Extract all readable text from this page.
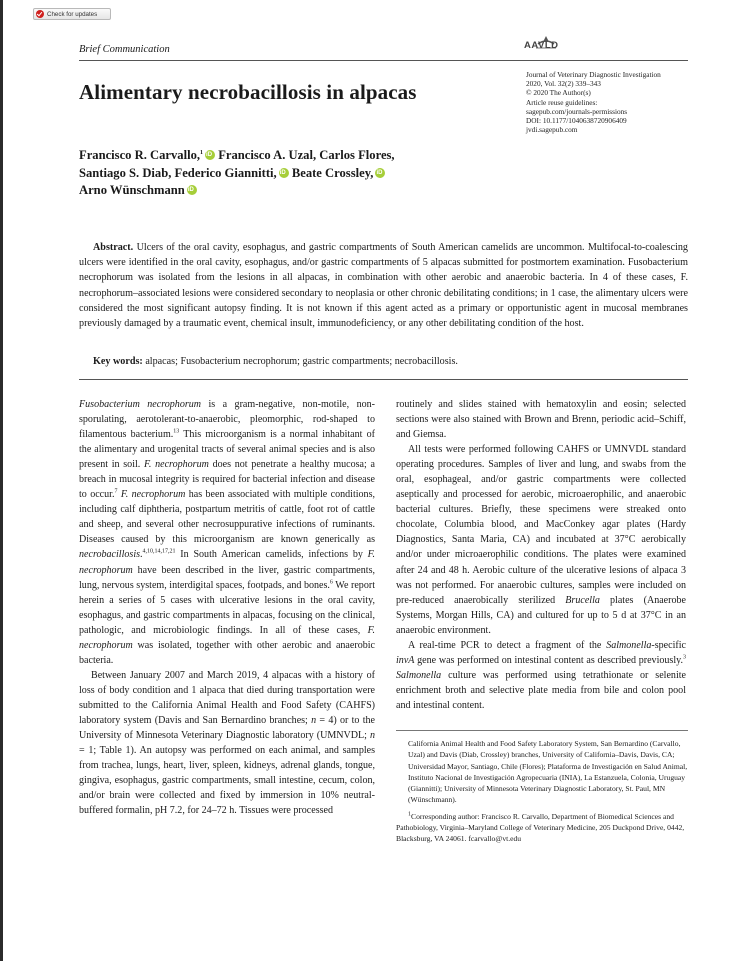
Check for updates
Brief Communication	AAVLD
Journal of Veterinary Diagnostic Investigation
2020, Vol. 32(2) 339–343
© 2020 The Author(s)
Article reuse guidelines:
sagepub.com/journals-permissions
DOI: 10.1177/1040638720906409
jvdi.sagepub.com
Alimentary necrobacillosis in alpacas
Francisco R. Carvallo,$^1$ iD Francisco A. Uzal, Carlos Flores,
Santiago S. Diab, Federico Giannitti, iD Beate Crossley,iD
Arno WünschmanniD
Abstract. Ulcers of the oral cavity, esophagus, and gastric compartments of South American camelids are uncommon. Multifocal-to-coalescing ulcers were identified in the oral cavity, esophagus, and/or gastric compartments of 5 alpacas submitted for postmortem examination. Fusobacterium necrophorum was isolated from the lesions in all alpacas, in combination with other aerobic and anaerobic bacteria. In 4 of these cases, F. necrophorum–associated lesions were considered secondary to neoplasia or other chronic debilitating conditions; in 1 case, the alimentary ulcers were considered the most significant autopsy finding. It is not known if this agent acted as a primary or opportunistic agent in mucosal membranes previously damaged by a traumatic event, chemical insult, immunodeficiency, or any other debilitating condition of the host.
Key words: alpacas; Fusobacterium necrophorum; gastric compartments; necrobacillosis.

Fusobacterium necrophorum is a gram-negative, non-motile, non-sporulating, aerotolerant-to-anaerobic, pleomorphic, rod-shaped to filamentous bacterium.$^{13}$ This microorganism is a normal inhabitant of the alimentary and urogenital tracts of several animal species and is also present in soil. F. necrophorum does not penetrate a healthy mucosa; a breach in mucosal integrity is required for bacterial infection and disease to occur.$^7$ F. necrophorum has been associated with multiple conditions, including calf diphtheria, postpartum metritis of cattle, foot rot of cattle and sheep, and several other necrosuppurative infections of ruminants. Diseases caused by this microorganism are known generically as necrobacillosis.$^{4,10,14,17,21}$ In South American camelids, infections by F. necrophorum have been described in the liver, gastric compartments, lung, nervous system, interdigital spaces, footpads, and bones.$^6$ We report herein a series of 5 cases with ulcerative lesions in the oral cavity, esophagus, and gastric compartments in alpacas, focusing on the clinical, pathologic, and microbiologic findings. In all of these cases, F. necrophorum was isolated, together with other aerobic and anaerobic bacteria.

Between January 2007 and March 2019, 4 alpacas with a history of loss of body condition and 1 alpaca that died during transportation were submitted to the California Animal Health and Food Safety (CAHFS) laboratory system (Davis and San Bernardino branches; n = 4) or to the University of Minnesota Veterinary Diagnostic laboratory (UMNVDL; n = 1; Table 1). An autopsy was performed on each animal, and samples from trachea, lungs, heart, liver, spleen, kidneys, adrenal glands, tongue, gingiva, esophagus, gastric compartments, small intestine, cecum, colon, and/or brain were collected and fixed by immersion in 10% neutral-buffered formalin, pH 7.2, for 24–72 h. Tissues were processed

routinely and slides stained with hematoxylin and eosin; selected sections were also stained with Brown and Brenn, periodic acid–Schiff, and Giemsa.

All tests were performed following CAHFS or UMNVDL standard operating procedures. Samples of liver and lung, and swabs from the oral, esophageal, and/or gastric compartments were collected aseptically and processed for aerobic, microaerophilic, and anaerobic bacterial cultures. Briefly, these specimens were streaked onto chocolate, Columbia blood, and MacConkey agar plates (Hardy Diagnostics, Santa Maria, CA) and incubated at 37°C aerobically and/or under microaerophilic conditions. The plates were examined after 24 and 48 h. Aerobic culture of the ulcerative lesions of alpaca 3 was not performed. For anaerobic cultures, samples were included on pre-reduced anaerobically sterilized Brucella plates (Anaerobe Systems, Morgan Hills, CA) and cultured for up to 5 d at 37°C in an anaerobic environment.

A real-time PCR to detect a fragment of the Salmonella-specific invA gene was performed on intestinal content as described previously.$^3$ Salmonella culture was performed using tetrathionate or selenite enrichment broth and selective plate media from bile and colon pool and intestinal content.

California Animal Health and Food Safety Laboratory System, San Bernardino (Carvallo, Uzal) and Davis (Diab, Crossley) branches, University of California–Davis, Davis, CA; Universidad Mayor, Santiago, Chile (Flores); Plataforma de Investigación en Salud Animal, Instituto Nacional de Investigación Agropecuaria (INIA), La Estanzuela, Colonia, Uruguay (Giannitti); University of Minnesota Veterinary Diagnostic Laboratory, St. Paul, MN (Wünschmann).

$^1$Corresponding author: Francisco R. Carvallo, Department of Biomedical Sciences and Pathobiology, Virginia–Maryland College of Veterinary Medicine, 205 Duckpond Drive, 0442, Blacksburg, VA 24061. fcarvallo@vt.edu
